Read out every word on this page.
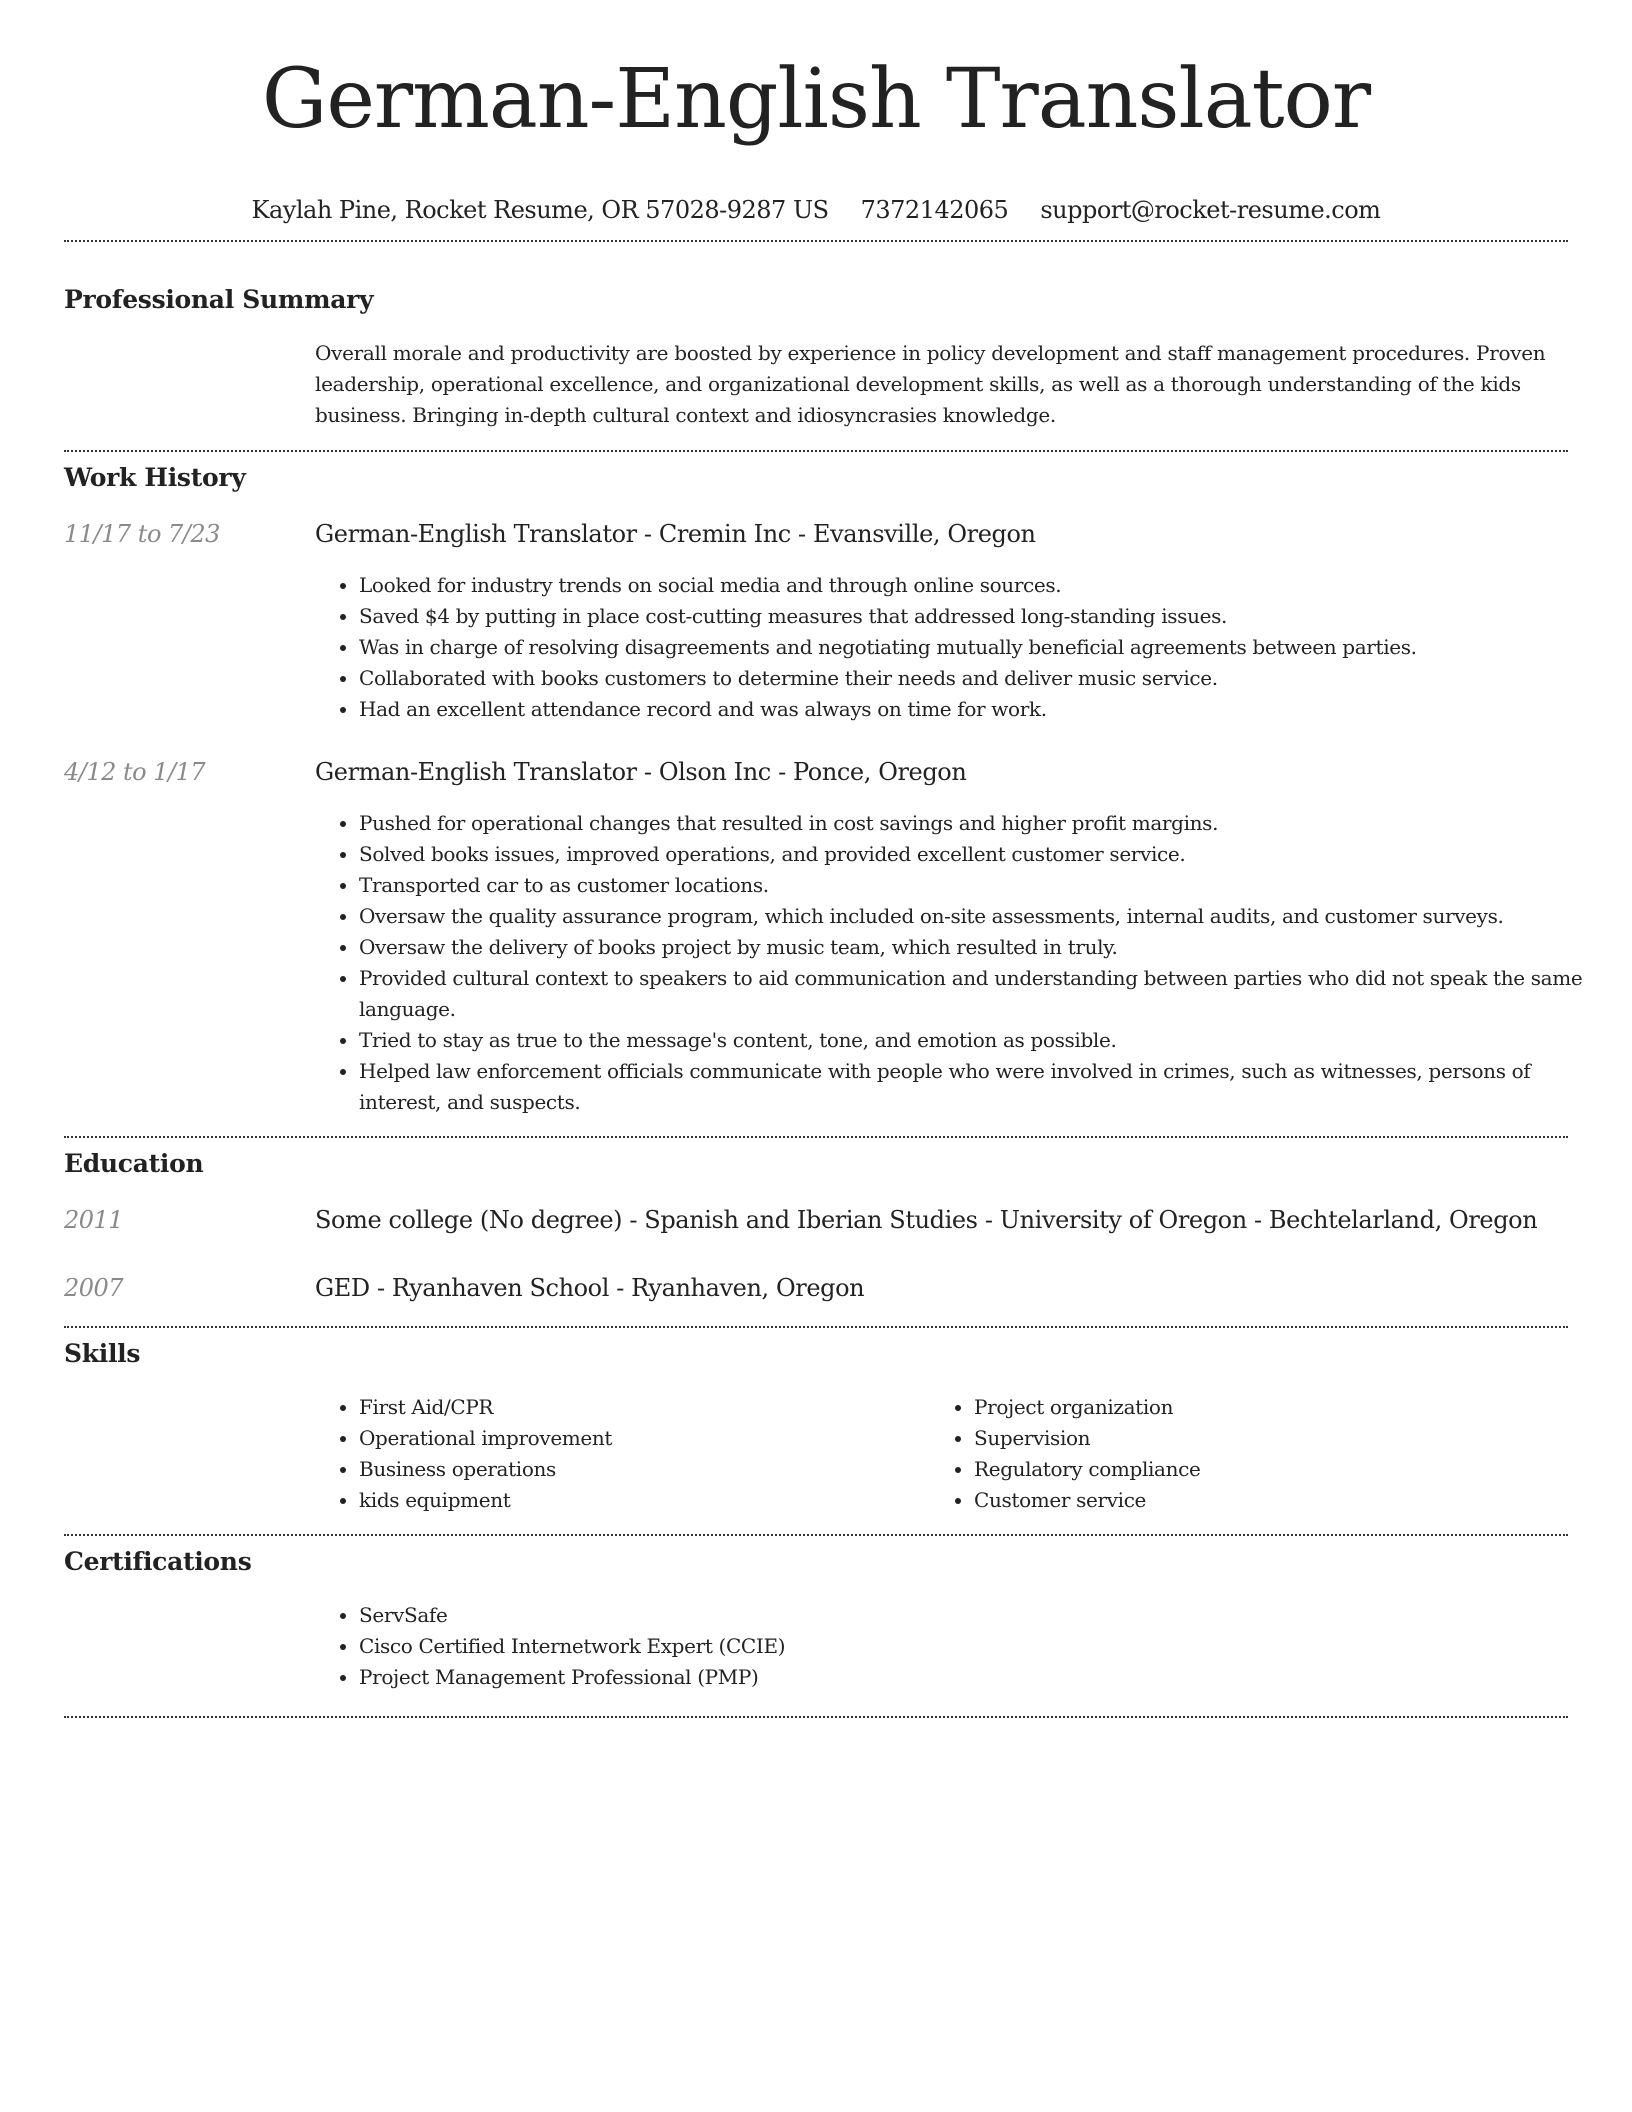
German-English Translator
Kaylah Pine, Rocket Resume, OR 57028-9287 US 7372142065 support@rocket-resume.com
Professional Summary
Overall morale and productivity are boosted by experience in policy development and staff management procedures. Proven leadership, operational excellence, and organizational development skills, as well as a thorough understanding of the kids business. Bringing in-depth cultural context and idiosyncrasies knowledge.
Work History
11/17 to 7/23	German-English Translator - Cremin Inc - Evansville, Oregon
• Looked for industry trends on social media and through online sources.
• Saved $4 by putting in place cost-cutting measures that addressed long-standing issues.
• Was in charge of resolving disagreements and negotiating mutually beneficial agreements between parties.
• Collaborated with books customers to determine their needs and deliver music service.
• Had an excellent attendance record and was always on time for work.
4/12 to 1/17	German-English Translator - Olson Inc - Ponce, Oregon
• Pushed for operational changes that resulted in cost savings and higher profit margins.
• Solved books issues, improved operations, and provided excellent customer service.
• Transported car to as customer locations.
• Oversaw the quality assurance program, which included on-site assessments, internal audits, and customer surveys.
• Oversaw the delivery of books project by music team, which resulted in truly.
• Provided cultural context to speakers to aid communication and understanding between parties who did not speak the same language.
• Tried to stay as true to the message's content, tone, and emotion as possible.
• Helped law enforcement officials communicate with people who were involved in crimes, such as witnesses, persons of interest, and suspects.
Education
2011	Some college (No degree) - Spanish and Iberian Studies - University of Oregon - Bechtelarland, Oregon
2007	GED - Ryanhaven School - Ryanhaven, Oregon
Skills
• First Aid/CPR
• Operational improvement
• Business operations
• kids equipment
• Project organization
• Supervision
• Regulatory compliance
• Customer service
Certifications
• ServSafe
• Cisco Certified Internetwork Expert (CCIE)
• Project Management Professional (PMP)
